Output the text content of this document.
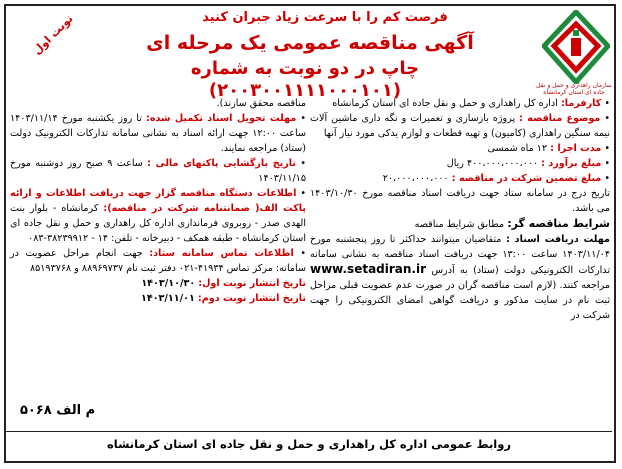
نوبت اول
سازمان راهداری و حمل و نقل جاده ای استان کرمانشاه
فرصت کم را با سرعت زیاد جبران کنید
آگهی مناقصه عمومی یک مرحله ای
چاپ در دو نوبت به شماره (۲۰۰۳۰۰۱۱۱۱۰۰۰۱۰۱)

• کارفرما: اداره کل راهداری و حمل و نقل جاده ای استان کرمانشاه

• موضوع مناقصه : پروژه بازسازی و تعمیرات و نگه داری ماشین آلات نیمه سنگین راهداری (کامیون) و تهیه قطعات و لوازم یدکی مورد نیاز آنها

• مدت اجرا : ۱۲ ماه شمسی

• مبلغ برآورد : ۴۰۰،۰۰۰،۰۰۰،۰۰۰ ریال

• مبلغ تضمین شرکت در مناقصه : ۲۰،۰۰۰،۰۰۰،۰۰۰

تاریخ درج در سامانه ستاد جهت دریافت اسناد مناقصه مورخ ۱۴۰۳/۱۰/۳۰ می باشد.

شرایط مناقصه گر: مطابق شرایط مناقصه

مهلت دریافت اسناد : متقاضیان میتوانند حداکثر تا روز پنجشنبه مورخ ۱۴۰۳/۱۱/۰۴ ساعت ۱۳:۰۰ جهت دریافت اسناد مناقصه به نشانی سامانه تدارکات الکترونیکی دولت (ستاد) به آدرس www.setadiran.ir مراجعه کنند. (لازم است مناقصه گران در صورت عدم عضویت قبلی مراحل ثبت نام در سایت مذکور و دریافت گواهی امضای الکترونیکی را جهت شرکت در

مناقصه محقق سازند).

• مهلت تحویل اسناد تکمیل شده: تا روز یکشنبه مورخ ۱۴۰۳/۱۱/۱۴ ساعت ۱۲:۰۰ جهت ارائه اسناد به نشانی سامانه تدارکات الکترونیک دولت (ستاد) مراجعه نمایند.

• تاریخ بازگشایی پاکتهای مالی : ساعت ۹ صبح روز دوشنبه مورخ ۱۴۰۳/۱۱/۱۵

• اطلاعات دستگاه مناقصه گزار جهت دریافت اطلاعات و ارائه پاکت الف( ضمانتنامه شرکت در مناقصه): کرمانشاه - بلوار بنت الهدی صدر - روبروی فرمانداری اداره کل راهداری و حمل و نقل جاده ای استان کرمانشاه - طبقه همکف - دبیرخانه - تلفن: ۱۴ - ۳۸۲۳۹۹۱۲-۰۸۳

• اطلاعات تماس سامانه ستاد: جهت انجام مراحل عضویت در سامانه: مرکز تماس ۴۱۹۳۴-۰۲۱ دفتر ثبت نام ۸۸۹۶۹۷۳۷ و ۸۵۱۹۳۷۶۸

تاریخ انتشار نوبت اول: ۱۴۰۳/۱۰/۳۰

تاریخ انتشار نوبت دوم: ۱۴۰۳/۱۱/۰۱

م الف ۵۰۶۸
روابط عمومی اداره کل راهداری و حمل و نقل جاده ای استان کرمانشاه
